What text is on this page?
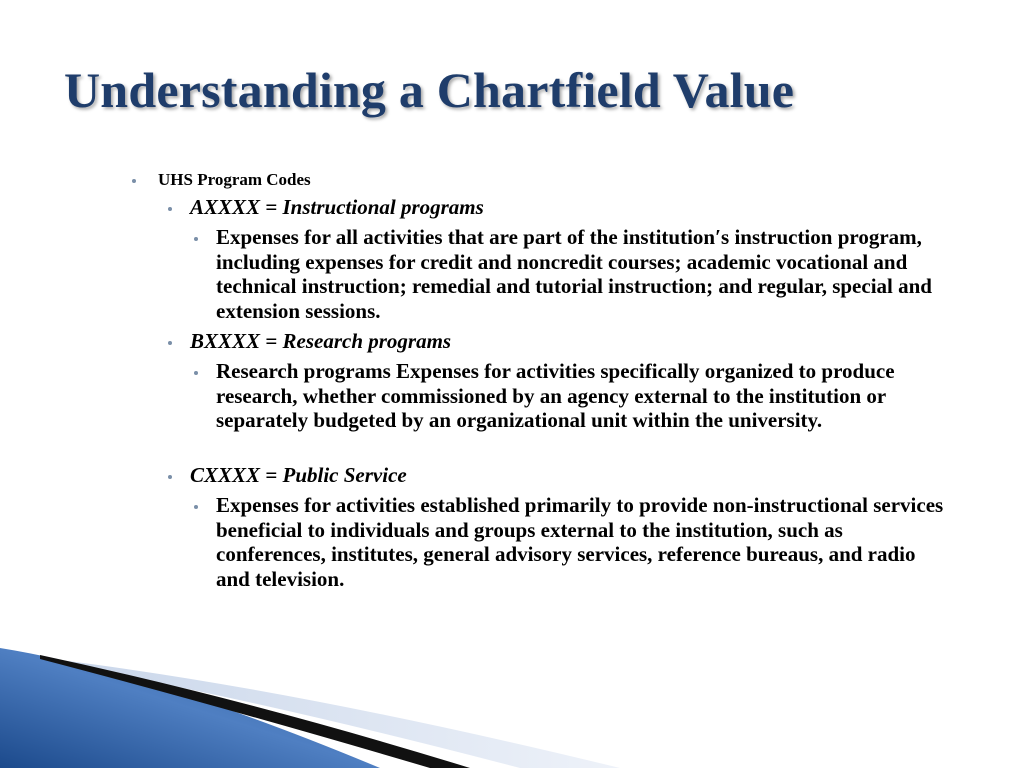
Understanding a Chartfield Value
UHS Program Codes
AXXXX = Instructional programs
Expenses for all activities that are part of the institution′s instruction program, including expenses for credit and noncredit courses; academic vocational and technical instruction; remedial and tutorial instruction; and regular, special and extension sessions.
BXXXX = Research programs
Research programs Expenses for activities specifically organized to produce research, whether commissioned by an agency external to the institution or separately budgeted by an organizational unit within the university.
CXXXX = Public Service
Expenses for activities established primarily to provide non-instructional services beneficial to individuals and groups external to the institution, such as conferences, institutes, general advisory services, reference bureaus, and radio and television.
